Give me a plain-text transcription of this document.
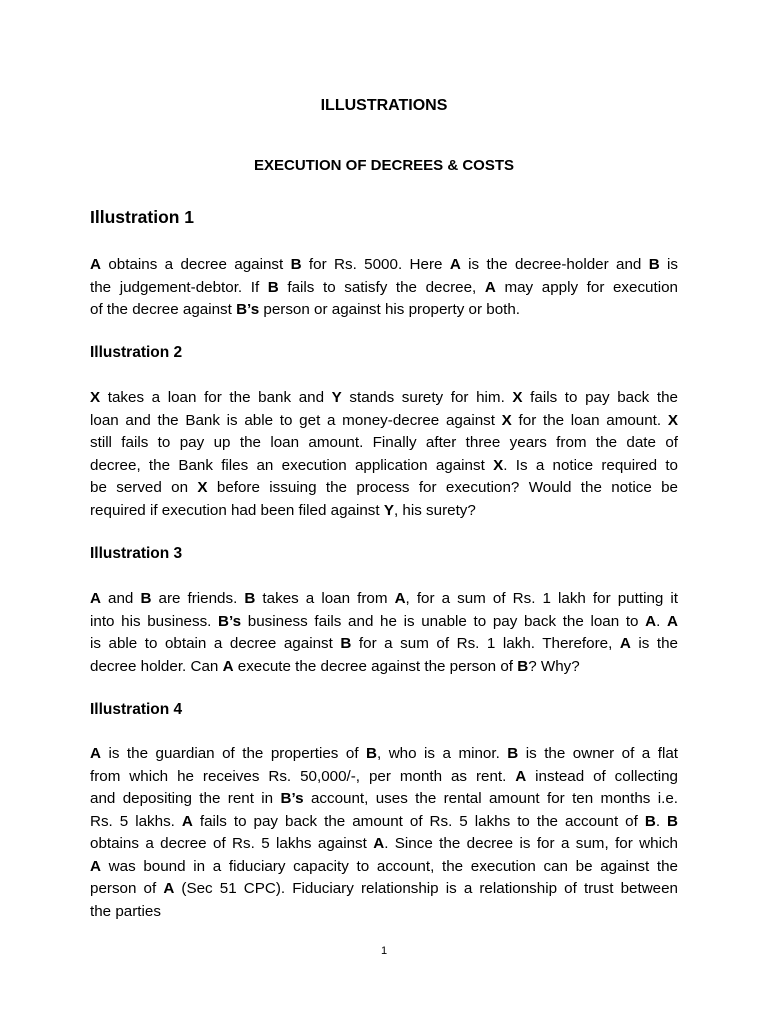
ILLUSTRATIONS
EXECUTION OF DECREES & COSTS
Illustration 1
A obtains a decree against B for Rs. 5000. Here A is the decree-holder and B is
the judgement-debtor. If B fails to satisfy the decree, A may apply for execution
of the decree against B’s person or against his property or both.
Illustration 2
X takes a loan for the bank and Y stands surety for him. X fails to pay back the
loan and the Bank is able to get a money-decree against X for the loan amount. X
still fails to pay up the loan amount. Finally after three years from the date of
decree, the Bank files an execution application against X. Is a notice required to
be served on X before issuing the process for execution? Would the notice be
required if execution had been filed against Y, his surety?
Illustration 3
A and B are friends. B takes a loan from A, for a sum of Rs. 1 lakh for putting it
into his business. B’s business fails and he is unable to pay back the loan to A. A
is able to obtain a decree against B for a sum of Rs. 1 lakh. Therefore, A is the
decree holder. Can A execute the decree against the person of B? Why?
Illustration 4
A is the guardian of the properties of B, who is a minor. B is the owner of a flat
from which he receives Rs. 50,000/-, per month as rent. A instead of collecting
and depositing the rent in B’s account, uses the rental amount for ten months i.e.
Rs. 5 lakhs. A fails to pay back the amount of Rs. 5 lakhs to the account of B. B
obtains a decree of Rs. 5 lakhs against A. Since the decree is for a sum, for which
A was bound in a fiduciary capacity to account, the execution can be against the
person of A (Sec 51 CPC). Fiduciary relationship is a relationship of trust between
the parties
1
